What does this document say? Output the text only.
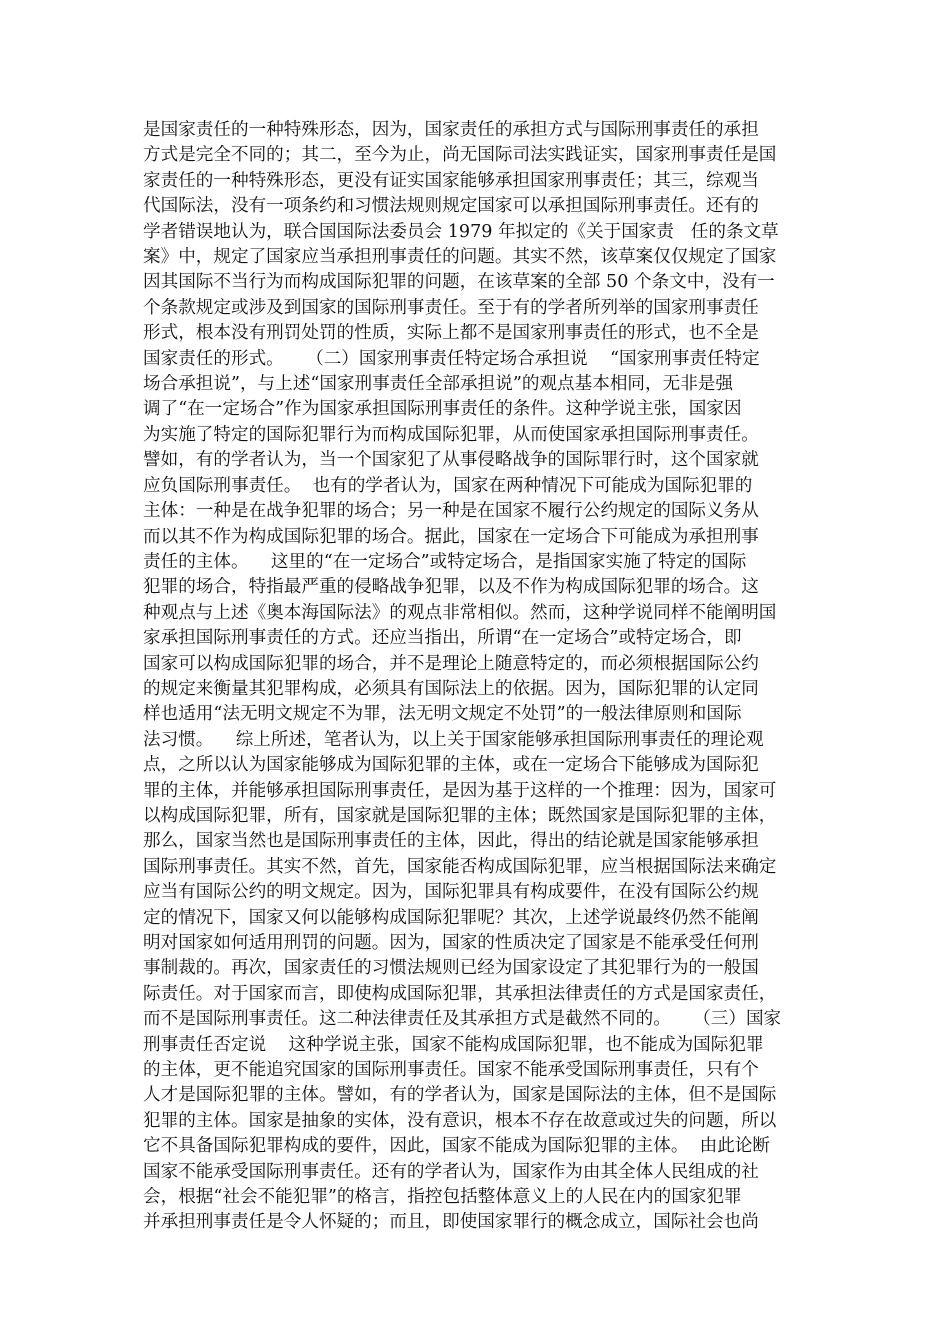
是国家责任的一种特殊形态，因为，国家责任的承担方式与国际刑事责任的承担
方式是完全不同的；其二，至今为止，尚无国际司法实践证实，国家刑事责任是国
家责任的一种特殊形态，更没有证实国家能够承担国家刑事责任；其三，综观当
代国际法，没有一项条约和习惯法规则规定国家可以承担国际刑事责任。还有的
学者错误地认为，联合国国际法委员会 1979 年拟定的《关于国家责   任的条文草
案》中，规定了国家应当承担刑事责任的问题。其实不然，该草案仅仅规定了国家
因其国际不当行为而构成国际犯罪的问题，在该草案的全部 50 个条文中，没有一
个条款规定或涉及到国家的国际刑事责任。至于有的学者所列举的国家刑事责任
形式，根本没有刑罚处罚的性质，实际上都不是国家刑事责任的形式，也不全是
国家责任的形式。    （二）国家刑事责任特定场合承担说    “国家刑事责任特定
场合承担说”，与上述“国家刑事责任全部承担说”的观点基本相同，无非是强
调了“在一定场合”作为国家承担国际刑事责任的条件。这种学说主张，国家因
为实施了特定的国际犯罪行为而构成国际犯罪，从而使国家承担国际刑事责任。
譬如，有的学者认为，当一个国家犯了从事侵略战争的国际罪行时，这个国家就
应负国际刑事责任。  也有的学者认为，国家在两种情况下可能成为国际犯罪的
主体：一种是在战争犯罪的场合；另一种是在国家不履行公约规定的国际义务从
而以其不作为构成国际犯罪的场合。据此，国家在一定场合下可能成为承担刑事
责任的主体。    这里的“在一定场合”或特定场合，是指国家实施了特定的国际
犯罪的场合，特指最严重的侵略战争犯罪，以及不作为构成国际犯罪的场合。这
种观点与上述《奥本海国际法》的观点非常相似。然而，这种学说同样不能阐明国
家承担国际刑事责任的方式。还应当指出，所谓“在一定场合”或特定场合，即
国家可以构成国际犯罪的场合，并不是理论上随意特定的，而必须根据国际公约
的规定来衡量其犯罪构成，必须具有国际法上的依据。因为，国际犯罪的认定同
样也适用“法无明文规定不为罪，法无明文规定不处罚”的一般法律原则和国际
法习惯。    综上所述，笔者认为，以上关于国家能够承担国际刑事责任的理论观
点，之所以认为国家能够成为国际犯罪的主体，或在一定场合下能够成为国际犯
罪的主体，并能够承担国际刑事责任，是因为基于这样的一个推理：因为，国家可
以构成国际犯罪，所有，国家就是国际犯罪的主体；既然国家是国际犯罪的主体，
那么，国家当然也是国际刑事责任的主体，因此，得出的结论就是国家能够承担
国际刑事责任。其实不然，首先，国家能否构成国际犯罪，应当根据国际法来确定
应当有国际公约的明文规定。因为，国际犯罪具有构成要件，在没有国际公约规
定的情况下，国家又何以能够构成国际犯罪呢？其次，上述学说最终仍然不能阐
明对国家如何适用刑罚的问题。因为，国家的性质决定了国家是不能承受任何刑
事制裁的。再次，国家责任的习惯法规则已经为国家设定了其犯罪行为的一般国
际责任。对于国家而言，即使构成国际犯罪，其承担法律责任的方式是国家责任，
而不是国际刑事责任。这二种法律责任及其承担方式是截然不同的。    （三）国家
刑事责任否定说    这种学说主张，国家不能构成国际犯罪，也不能成为国际犯罪
的主体，更不能追究国家的国际刑事责任。国家不能承受国际刑事责任，只有个
人才是国际犯罪的主体。譬如，有的学者认为，国家是国际法的主体，但不是国际
犯罪的主体。国家是抽象的实体，没有意识，根本不存在故意或过失的问题，所以
它不具备国际犯罪构成的要件，因此，国家不能成为国际犯罪的主体。  由此论断
国家不能承受国际刑事责任。还有的学者认为，国家作为由其全体人民组成的社
会，根据“社会不能犯罪”的格言，指控包括整体意义上的人民在内的国家犯罪
并承担刑事责任是令人怀疑的；而且，即使国家罪行的概念成立，国际社会也尚
